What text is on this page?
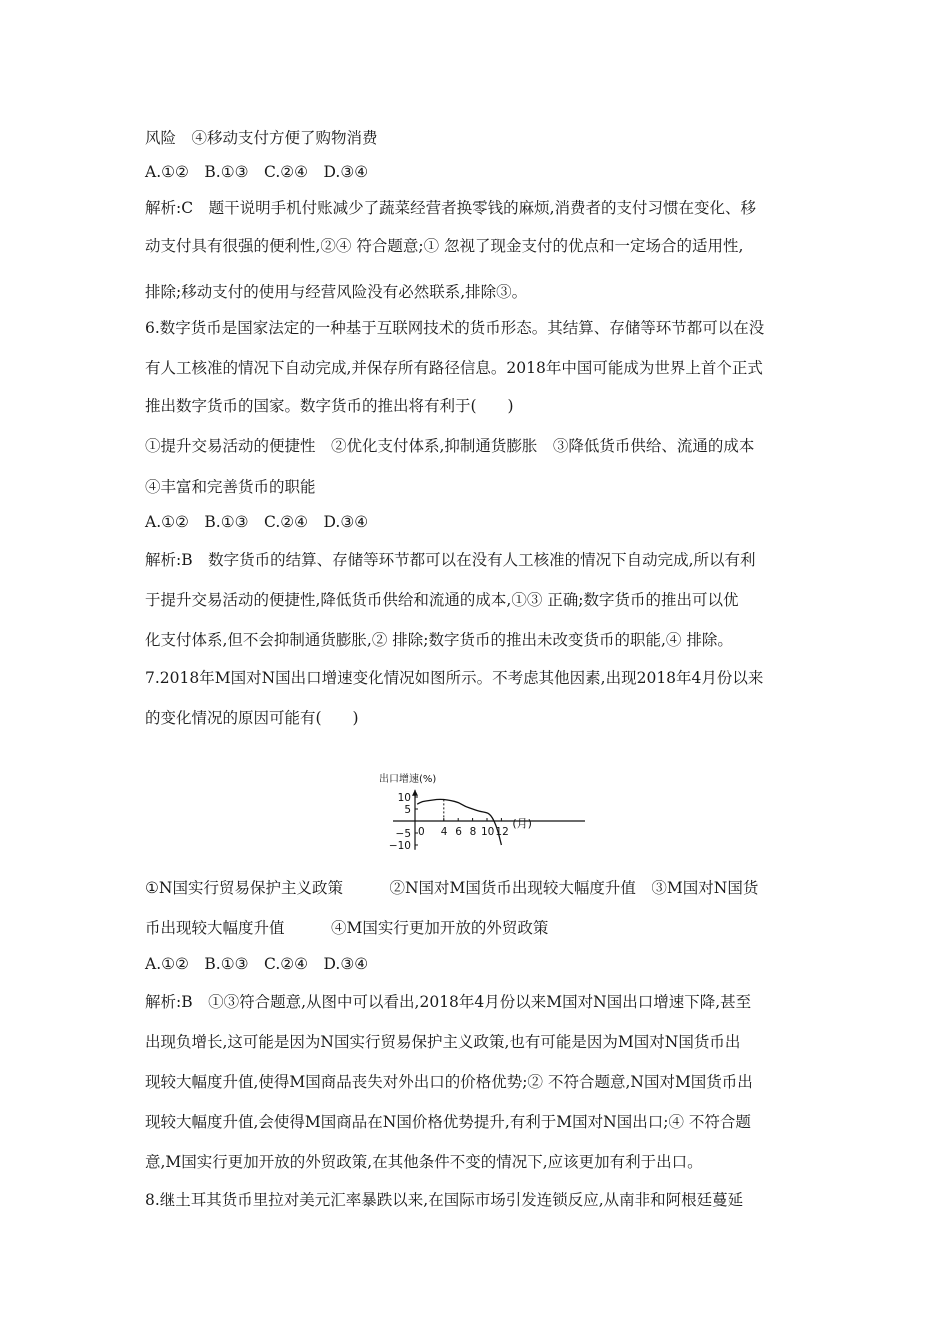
风险　④移动支付方便了购物消费
A.①②　B.①③　C.②④　D.③④
解析:C　题干说明手机付账减少了蔬菜经营者换零钱的麻烦,消费者的支付习惯在变化、移
动支付具有很强的便利性,②④ 符合题意;① 忽视了现金支付的优点和一定场合的适用性,
排除;移动支付的使用与经营风险没有必然联系,排除③。
6.数字货币是国家法定的一种基于互联网技术的货币形态。其结算、存储等环节都可以在没
有人工核准的情况下自动完成,并保存所有路径信息。2018年中国可能成为世界上首个正式
推出数字货币的国家。数字货币的推出将有利于(　　)
①提升交易活动的便捷性　②优化支付体系,抑制通货膨胀　③降低货币供给、流通的成本
④丰富和完善货币的职能
A.①②　B.①③　C.②④　D.③④
解析:B　数字货币的结算、存储等环节都可以在没有人工核准的情况下自动完成,所以有利
于提升交易活动的便捷性,降低货币供给和流通的成本,①③ 正确;数字货币的推出可以优
化支付体系,但不会抑制通货膨胀,② 排除;数字货币的推出未改变货币的职能,④ 排除。
7.2018年M国对N国出口增速变化情况如图所示。不考虑其他因素,出现2018年4月份以来
的变化情况的原因可能有(　　)
出口增速(%)
(月)
0 4 6 8 10 12
10
5
−5
−10
①N国实行贸易保护主义政策　　　②N国对M国货币出现较大幅度升值　③M国对N国货
币出现较大幅度升值　　　④M国实行更加开放的外贸政策
A.①②　B.①③　C.②④　D.③④
解析:B　①③符合题意,从图中可以看出,2018年4月份以来M国对N国出口增速下降,甚至
出现负增长,这可能是因为N国实行贸易保护主义政策,也有可能是因为M国对N国货币出
现较大幅度升值,使得M国商品丧失对外出口的价格优势;② 不符合题意,N国对M国货币出
现较大幅度升值,会使得M国商品在N国价格优势提升,有利于M国对N国出口;④ 不符合题
意,M国实行更加开放的外贸政策,在其他条件不变的情况下,应该更加有利于出口。
8.继土耳其货币里拉对美元汇率暴跌以来,在国际市场引发连锁反应,从南非和阿根廷蔓延
